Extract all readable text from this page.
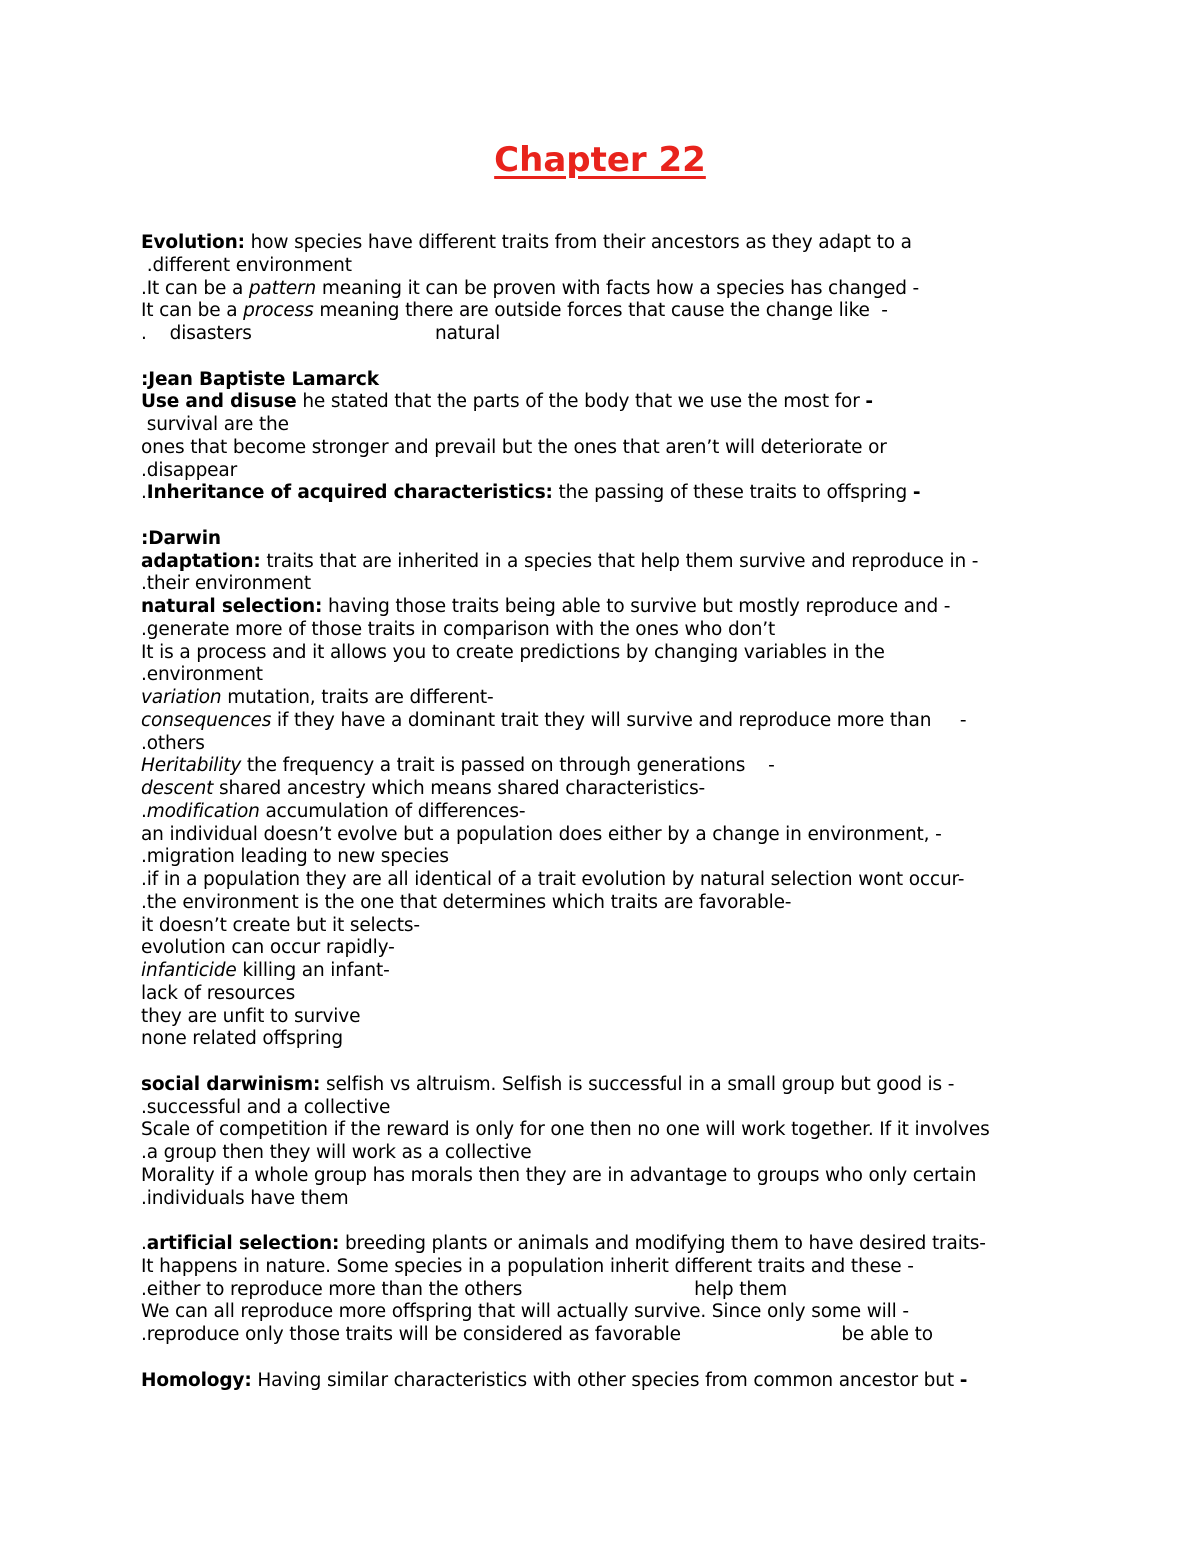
Chapter 22
Evolution: how species have different traits from their ancestors as they adapt to a
.different environment
.It can be a pattern meaning it can be proven with facts how a species has changed -
It can be a process meaning there are outside forces that cause the change like  -
.    disasters                                natural
:Jean Baptiste Lamarck
Use and disuse he stated that the parts of the body that we use the most for -
survival are the
ones that become stronger and prevail but the ones that aren’t will deteriorate or
.disappear
.Inheritance of acquired characteristics: the passing of these traits to offspring -
:Darwin
adaptation: traits that are inherited in a species that help them survive and reproduce in -
.their environment
natural selection: having those traits being able to survive but mostly reproduce and -
.generate more of those traits in comparison with the ones who don’t
It is a process and it allows you to create predictions by changing variables in the
.environment
variation mutation, traits are different-
consequences if they have a dominant trait they will survive and reproduce more than     -
.others
Heritability the frequency a trait is passed on through generations    -
descent shared ancestry which means shared characteristics-
.modification accumulation of differences-
an individual doesn’t evolve but a population does either by a change in environment, -
.migration leading to new species
.if in a population they are all identical of a trait evolution by natural selection wont occur-
.the environment is the one that determines which traits are favorable-
it doesn’t create but it selects-
evolution can occur rapidly-
infanticide killing an infant-
lack of resources
they are unfit to survive
none related offspring
social darwinism: selfish vs altruism. Selfish is successful in a small group but good is -
.successful and a collective
Scale of competition if the reward is only for one then no one will work together. If it involves
.a group then they will work as a collective
Morality if a whole group has morals then they are in advantage to groups who only certain
.individuals have them
.artificial selection: breeding plants or animals and modifying them to have desired traits-
It happens in nature. Some species in a population inherit different traits and these -
.either to reproduce more than the others                              help them
We can all reproduce more offspring that will actually survive. Since only some will -
.reproduce only those traits will be considered as favorable                            be able to
Homology: Having similar characteristics with other species from common ancestor but -
